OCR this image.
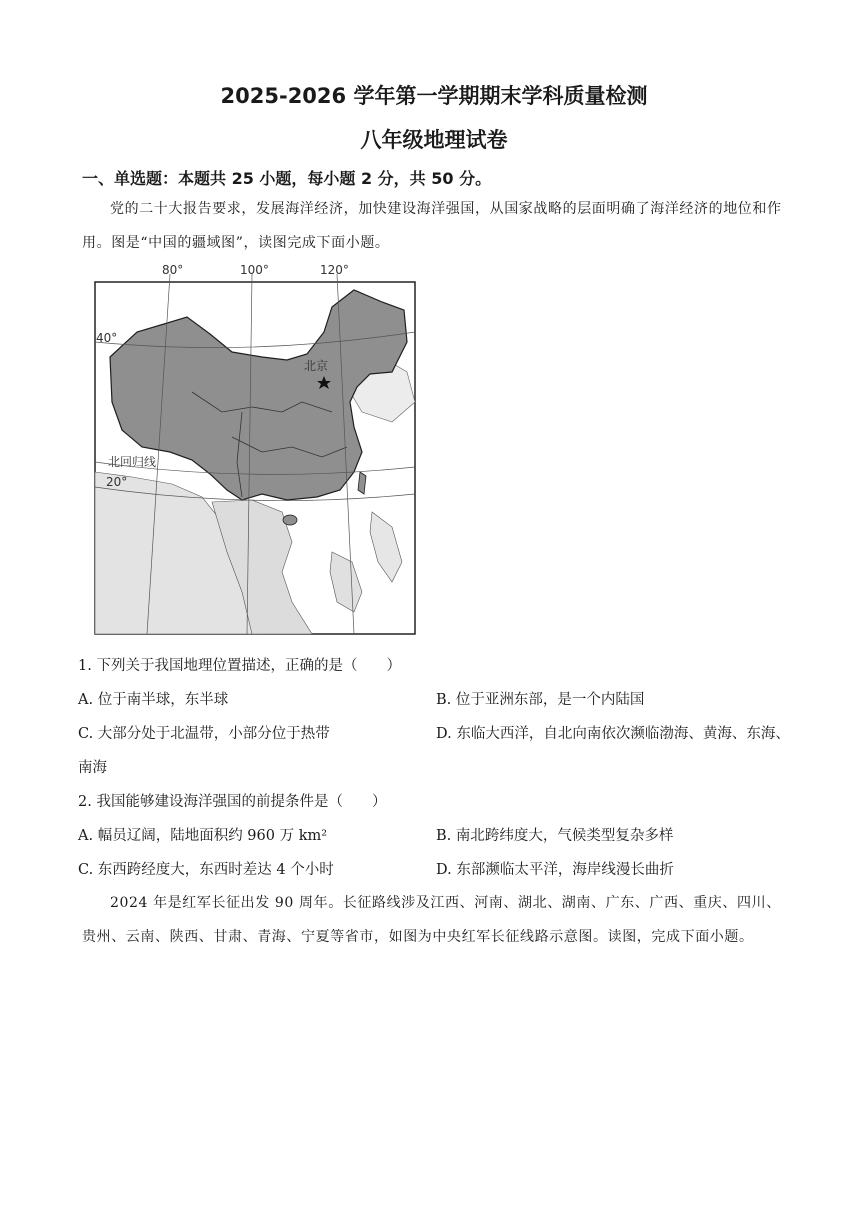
2025-2026 学年第一学期期末学科质量检测
八年级地理试卷
一、单选题：本题共 25 小题，每小题 2 分，共 50 分。
党的二十大报告要求，发展海洋经济，加快建设海洋强国，从国家战略的层面明确了海洋经济的地位和作用。图是“中国的疆域图”，读图完成下面小题。
80°	100°	120°
40°
20°
北京
北回归线
1. 下列关于我国地理位置描述，正确的是（　　）
A. 位于南半球，东半球	B. 位于亚洲东部，是一个内陆国
C. 大部分处于北温带，小部分位于热带	D. 东临大西洋，自北向南依次濒临渤海、黄海、东海、
南海
2. 我国能够建设海洋强国的前提条件是（　　）
A. 幅员辽阔，陆地面积约 960 万 km²	B. 南北跨纬度大，气候类型复杂多样
C. 东西跨经度大，东西时差达 4 个小时	D. 东部濒临太平洋，海岸线漫长曲折
2024 年是红军长征出发 90 周年。长征路线涉及江西、河南、湖北、湖南、广东、广西、重庆、四川、贵州、云南、陕西、甘肃、青海、宁夏等省市，如图为中央红军长征线路示意图。读图，完成下面小题。
